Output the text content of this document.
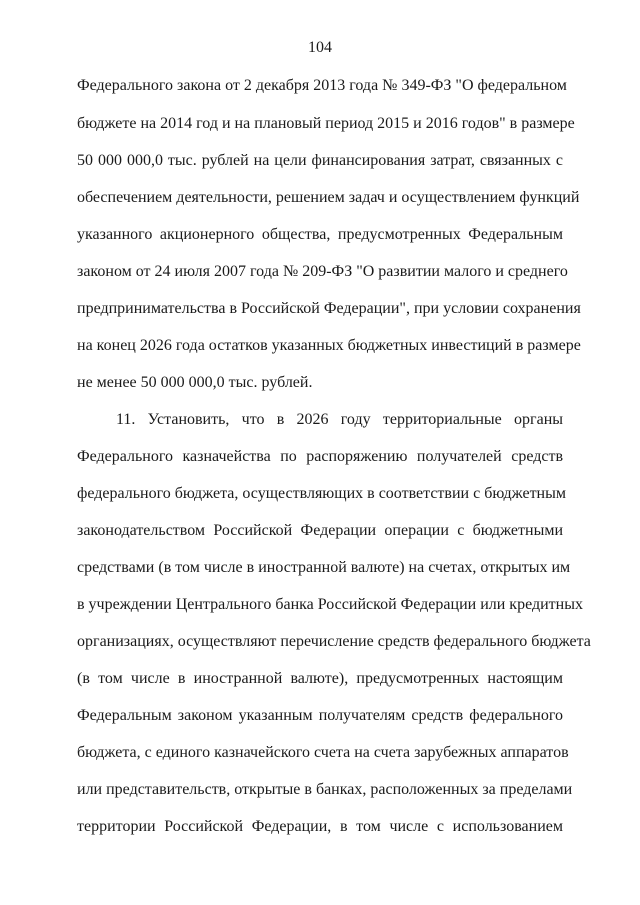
104
Федерального закона от 2 декабря 2013 года № 349-ФЗ "О федеральном
бюджете на 2014 год и на плановый период 2015 и 2016 годов" в размере
50 000 000,0 тыс. рублей на цели финансирования затрат, связанных с
обеспечением деятельности, решением задач и осуществлением функций
указанного акционерного общества, предусмотренных Федеральным
законом от 24 июля 2007 года № 209-ФЗ "О развитии малого и среднего
предпринимательства в Российской Федерации", при условии сохранения
на конец 2026 года остатков указанных бюджетных инвестиций в размере
не менее 50 000 000,0 тыс. рублей.
11. Установить, что в 2026 году территориальные органы
Федерального казначейства по распоряжению получателей средств
федерального бюджета, осуществляющих в соответствии с бюджетным
законодательством Российской Федерации операции с бюджетными
средствами (в том числе в иностранной валюте) на счетах, открытых им
в учреждении Центрального банка Российской Федерации или кредитных
организациях, осуществляют перечисление средств федерального бюджета
(в том числе в иностранной валюте), предусмотренных настоящим
Федеральным законом указанным получателям средств федерального
бюджета, с единого казначейского счета на счета зарубежных аппаратов
или представительств, открытые в банках, расположенных за пределами
территории Российской Федерации, в том числе с использованием
